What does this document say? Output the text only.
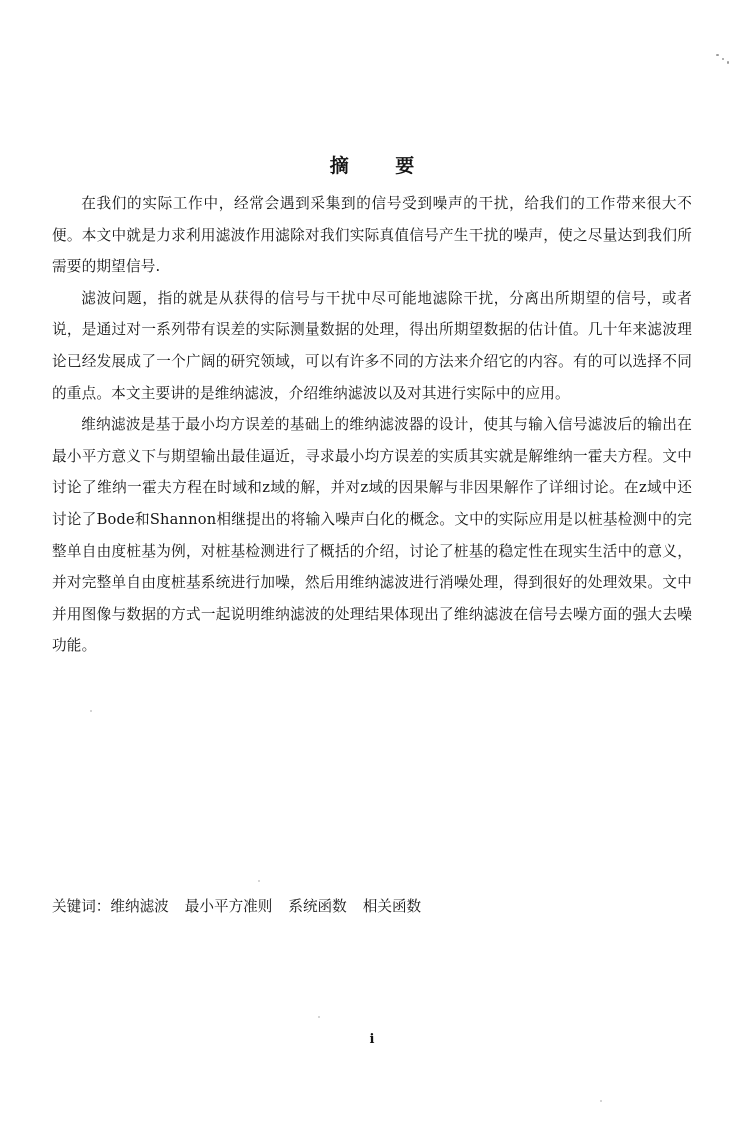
摘 要

在我们的实际工作中，经常会遇到采集到的信号受到噪声的干扰，给我们的工作带来很大不便。本文中就是力求利用滤波作用滤除对我们实际真值信号产生干扰的噪声，使之尽量达到我们所需要的期望信号.

滤波问题，指的就是从获得的信号与干扰中尽可能地滤除干扰，分离出所期望的信号，或者说，是通过对一系列带有误差的实际测量数据的处理，得出所期望数据的估计值。几十年来滤波理论已经发展成了一个广阔的研究领域，可以有许多不同的方法来介绍它的内容。有的可以选择不同的重点。本文主要讲的是维纳滤波，介绍维纳滤波以及对其进行实际中的应用。

维纳滤波是基于最小均方误差的基础上的维纳滤波器的设计，使其与输入信号滤波后的输出在最小平方意义下与期望输出最佳逼近，寻求最小均方误差的实质其实就是解维纳一霍夫方程。文中讨论了维纳一霍夫方程在时域和z域的解，并对z域的因果解与非因果解作了详细讨论。在z域中还讨论了Bode和Shannon相继提出的将输入噪声白化的概念。文中的实际应用是以桩基检测中的完整单自由度桩基为例，对桩基检测进行了概括的介绍，讨论了桩基的稳定性在现实生活中的意义，并对完整单自由度桩基系统进行加噪，然后用维纳滤波进行消噪处理，得到很好的处理效果。文中并用图像与数据的方式一起说明维纳滤波的处理结果体现出了维纳滤波在信号去噪方面的强大去噪功能。

关键词：维纳滤波 最小平方准则 系统函数 相关函数

i
